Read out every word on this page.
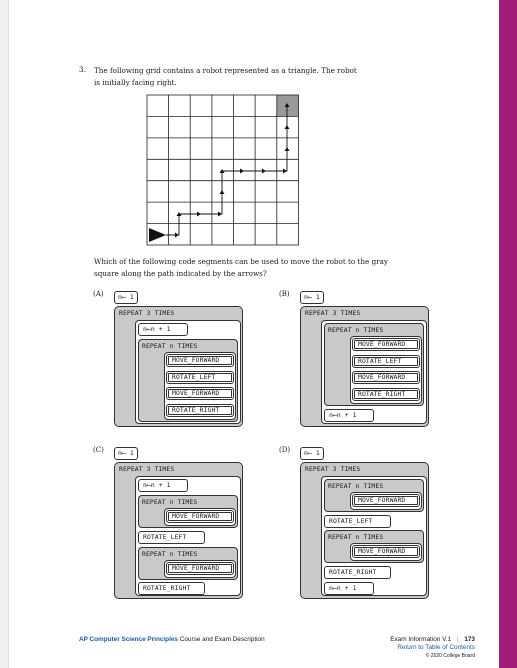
3. The following grid contains a robot represented as a triangle. The robot is initially facing right.
Which of the following code segments can be used to move the robot to the gray square along the path indicated by the arrows?
(A)	n⟵ 1
REPEAT 3 TIMES
n⟵n + 1
REPEAT n TIMES
MOVE_FORWARD
ROTATE_LEFT
MOVE_FORWARD
ROTATE_RIGHT
(B)	n⟵ 1
REPEAT 3 TIMES
REPEAT n TIMES
MOVE_FORWARD
ROTATE_LEFT
MOVE_FORWARD
ROTATE_RIGHT
n⟵n + 1
(C)	n⟵ 1
REPEAT 3 TIMES
n⟵n + 1
REPEAT n TIMES
MOVE_FORWARD
ROTATE_LEFT
REPEAT n TIMES
MOVE_FORWARD
ROTATE_RIGHT
(D)	n⟵ 1
REPEAT 3 TIMES
REPEAT n TIMES
MOVE_FORWARD
ROTATE_LEFT
REPEAT n TIMES
MOVE_FORWARD
ROTATE_RIGHT
n⟵n + 1
AP Computer Science Principles Course and Exam Description	Exam Information V.1 | 173
Return to Table of Contents
© 2020 College Board
